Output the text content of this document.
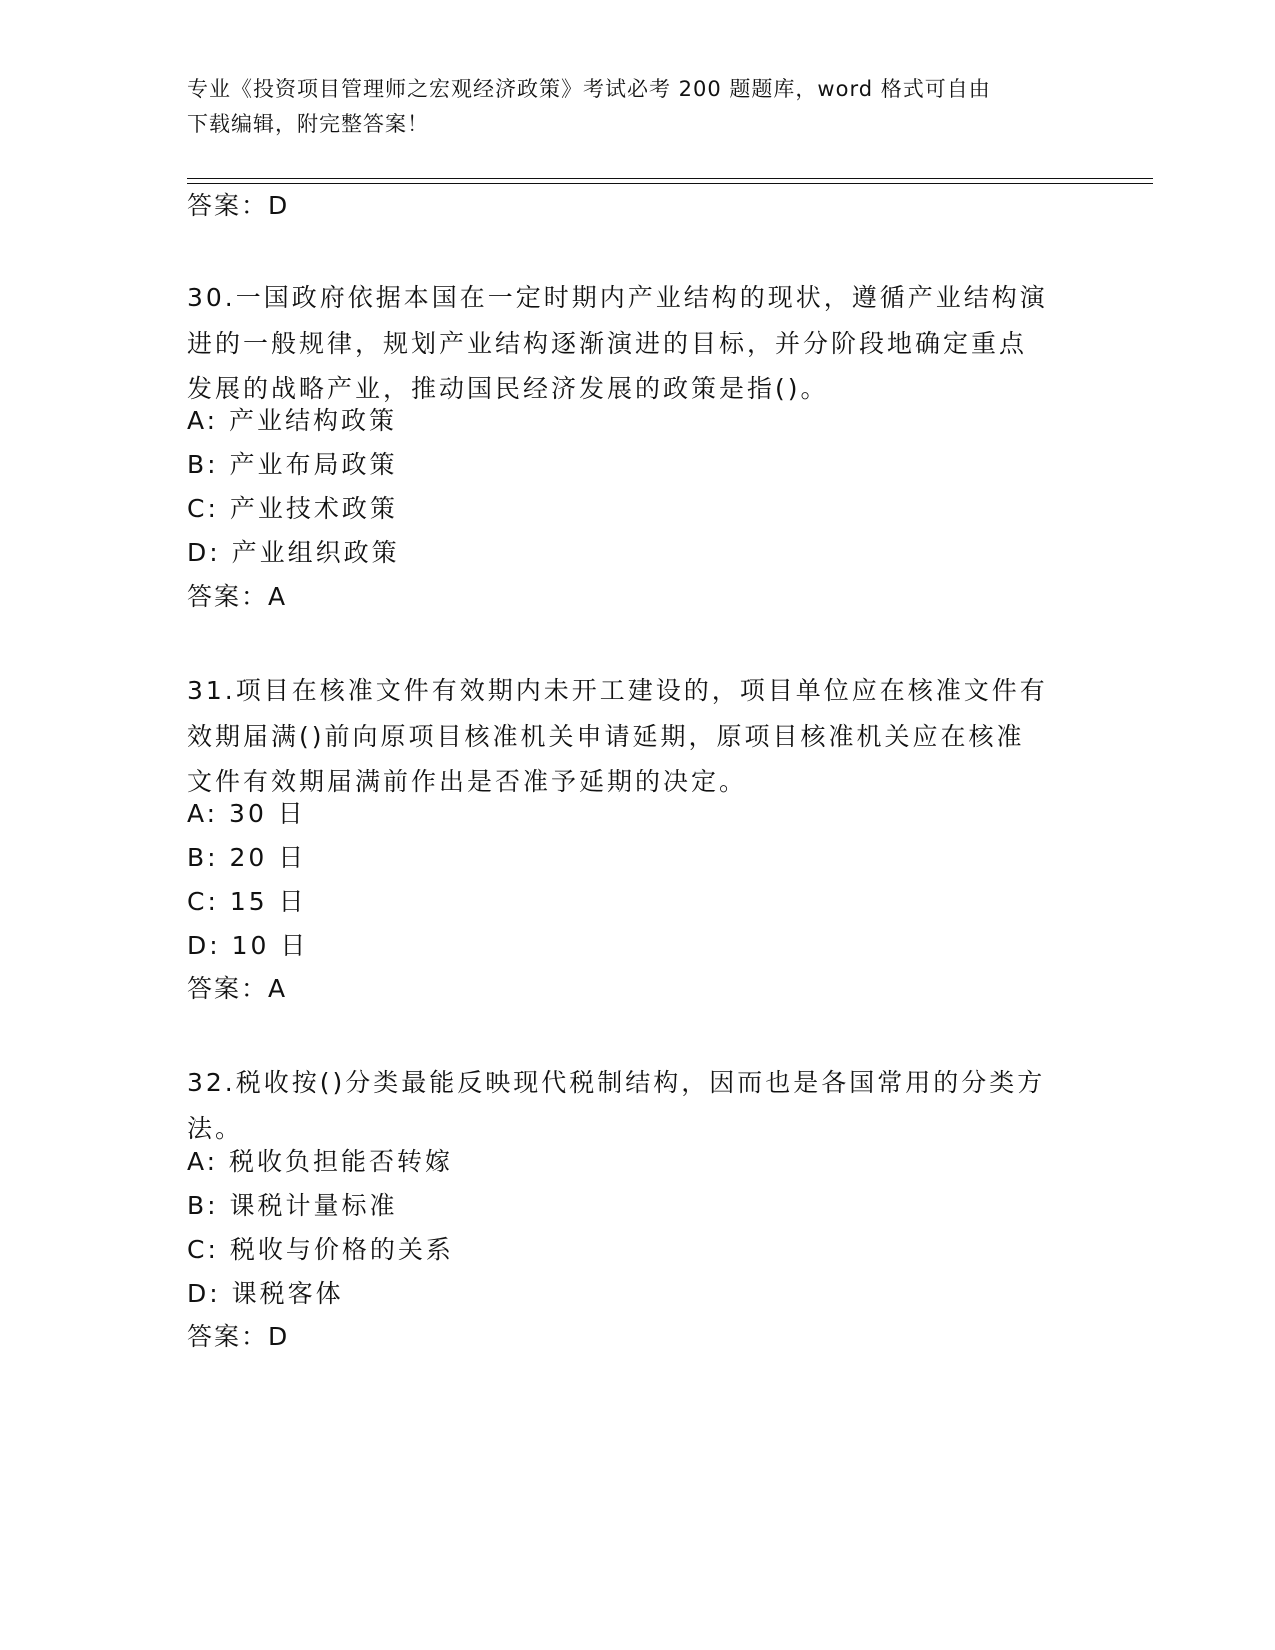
专业《投资项目管理师之宏观经济政策》考试必考 200 题题库，word 格式可自由
下载编辑，附完整答案！
答案：D
30.一国政府依据本国在一定时期内产业结构的现状，遵循产业结构演
进的一般规律，规划产业结构逐渐演进的目标，并分阶段地确定重点
发展的战略产业，推动国民经济发展的政策是指()。
A: 产业结构政策
B: 产业布局政策
C: 产业技术政策
D: 产业组织政策
答案：A
31.项目在核准文件有效期内未开工建设的，项目单位应在核准文件有
效期届满()前向原项目核准机关申请延期，原项目核准机关应在核准
文件有效期届满前作出是否准予延期的决定。
A: 30 日
B: 20 日
C: 15 日
D: 10 日
答案：A
32.税收按()分类最能反映现代税制结构，因而也是各国常用的分类方
法。
A: 税收负担能否转嫁
B: 课税计量标准
C: 税收与价格的关系
D: 课税客体
答案：D
